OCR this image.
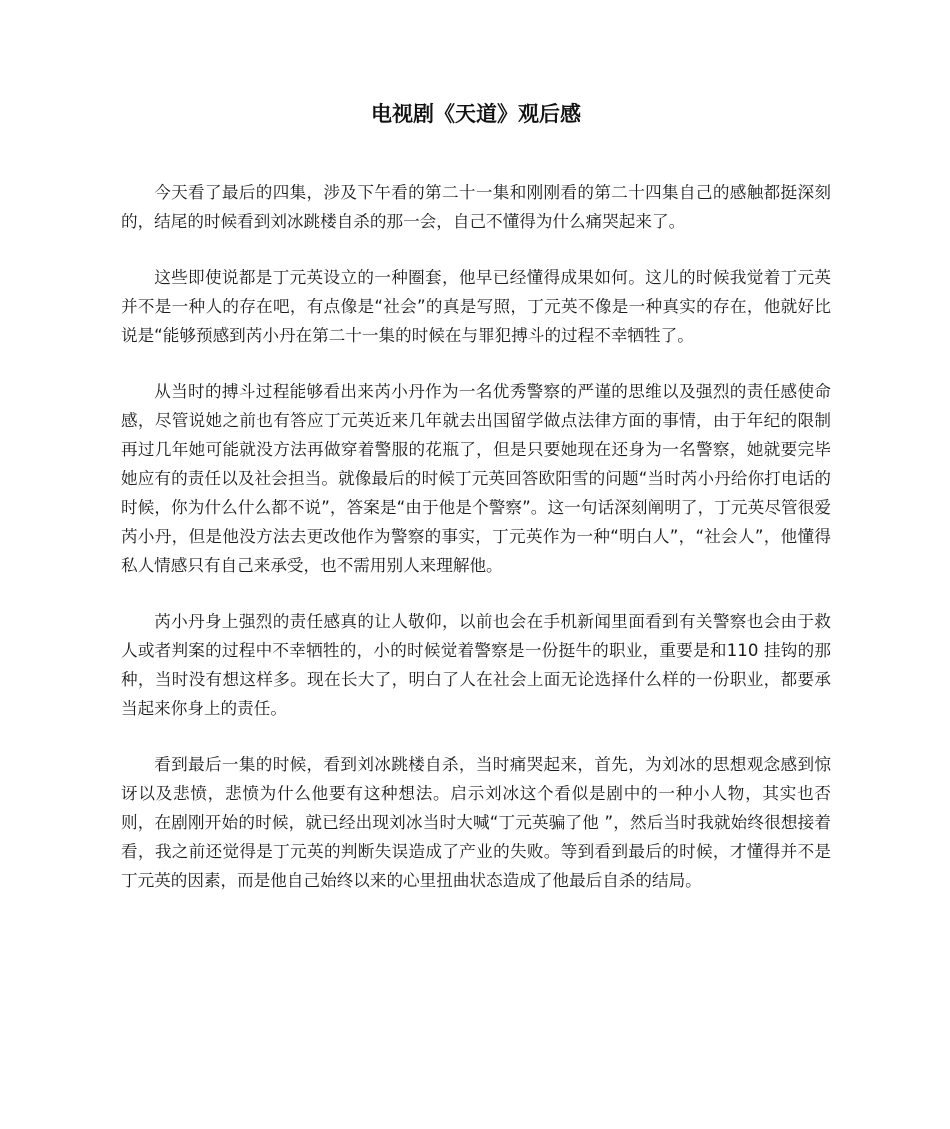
电视剧《天道》观后感

今天看了最后的四集，涉及下午看的第二十一集和刚刚看的第二十四集自己的感触都挺深刻的，结尾的时候看到刘冰跳楼自杀的那一会，自己不懂得为什么痛哭起来了。

这些即使说都是丁元英设立的一种圈套，他早已经懂得成果如何。这儿的时候我觉着丁元英并不是一种人的存在吧，有点像是“社会”的真是写照，丁元英不像是一种真实的存在，他就好比说是“能够预感到芮小丹在第二十一集的时候在与罪犯搏斗的过程不幸牺牲了。

从当时的搏斗过程能够看出来芮小丹作为一名优秀警察的严谨的思维以及强烈的责任感使命感，尽管说她之前也有答应丁元英近来几年就去出国留学做点法律方面的事情，由于年纪的限制再过几年她可能就没方法再做穿着警服的花瓶了，但是只要她现在还身为一名警察，她就要完毕她应有的责任以及社会担当。就像最后的时候丁元英回答欧阳雪的问题“当时芮小丹给你打电话的时候，你为什么什么都不说”，答案是“由于他是个警察”。这一句话深刻阐明了，丁元英尽管很爱芮小丹，但是他没方法去更改他作为警察的事实，丁元英作为一种“明白人”，“社会人”，他懂得私人情感只有自己来承受，也不需用别人来理解他。

芮小丹身上强烈的责任感真的让人敬仰，以前也会在手机新闻里面看到有关警察也会由于救人或者判案的过程中不幸牺牲的，小的时候觉着警察是一份挺牛的职业，重要是和110 挂钩的那种，当时没有想这样多。现在长大了，明白了人在社会上面无论选择什么样的一份职业，都要承当起来你身上的责任。

看到最后一集的时候，看到刘冰跳楼自杀，当时痛哭起来，首先，为刘冰的思想观念感到惊讶以及悲愤，悲愤为什么他要有这种想法。启示刘冰这个看似是剧中的一种小人物，其实也否则，在剧刚开始的时候，就已经出现刘冰当时大喊“丁元英骗了他 ”，然后当时我就始终很想接着看，我之前还觉得是丁元英的判断失误造成了产业的失败。等到看到最后的时候，才懂得并不是丁元英的因素，而是他自己始终以来的心里扭曲状态造成了他最后自杀的结局。
